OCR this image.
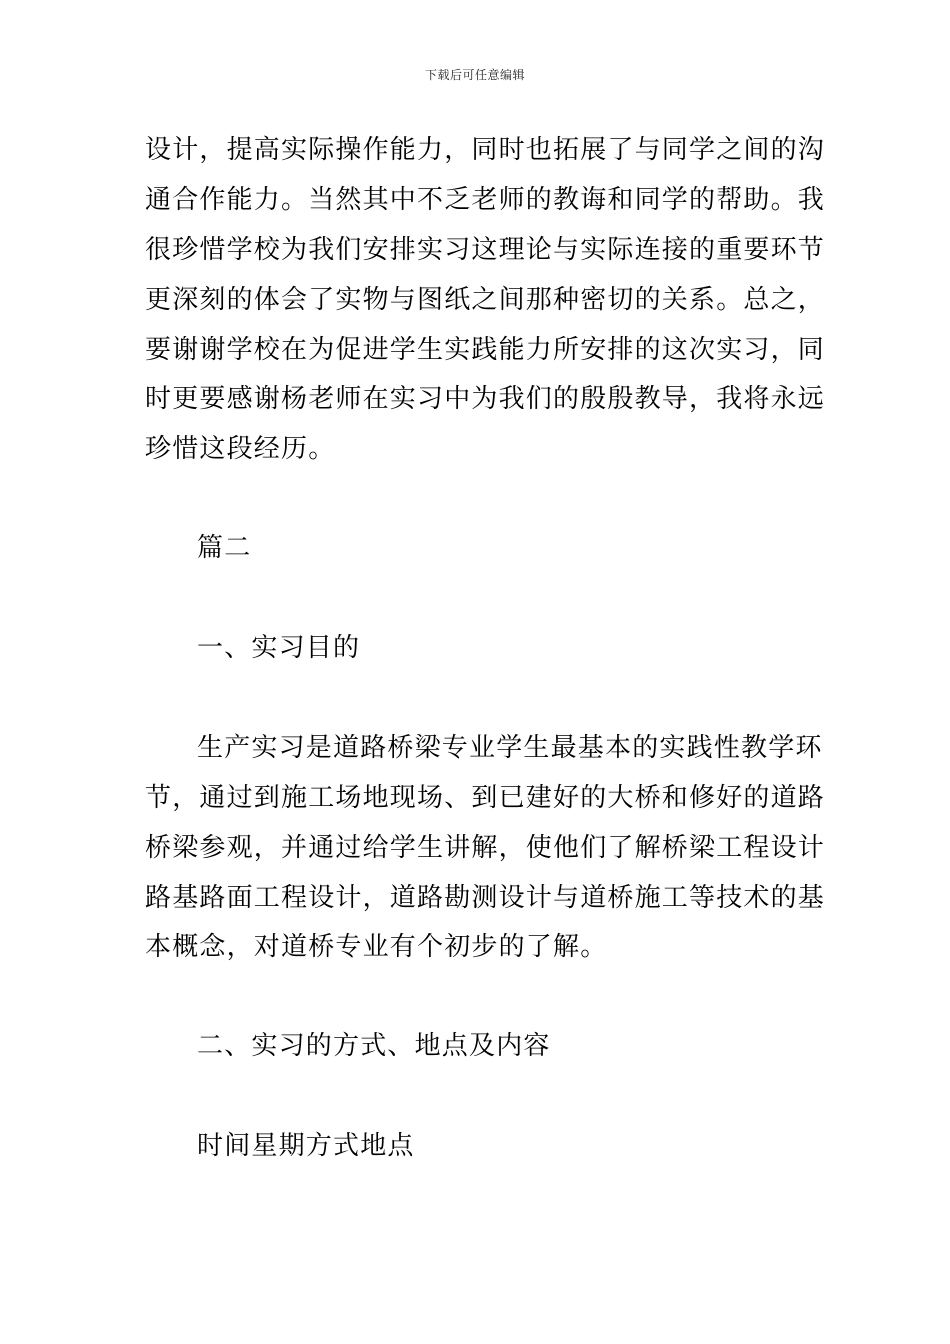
下载后可任意编辑
设计，提高实际操作能力，同时也拓展了与同学之间的沟
通合作能力。当然其中不乏老师的教诲和同学的帮助。我
很珍惜学校为我们安排实习这理论与实际连接的重要环节
更深刻的体会了实物与图纸之间那种密切的关系。总之，
要谢谢学校在为促进学生实践能力所安排的这次实习，同
时更要感谢杨老师在实习中为我们的殷殷教导，我将永远
珍惜这段经历。
篇二
一、实习目的
生产实习是道路桥梁专业学生最基本的实践性教学环
节，通过到施工场地现场、到已建好的大桥和修好的道路
桥梁参观，并通过给学生讲解，使他们了解桥梁工程设计
路基路面工程设计，道路勘测设计与道桥施工等技术的基
本概念，对道桥专业有个初步的了解。
二、实习的方式、地点及内容
时间星期方式地点
